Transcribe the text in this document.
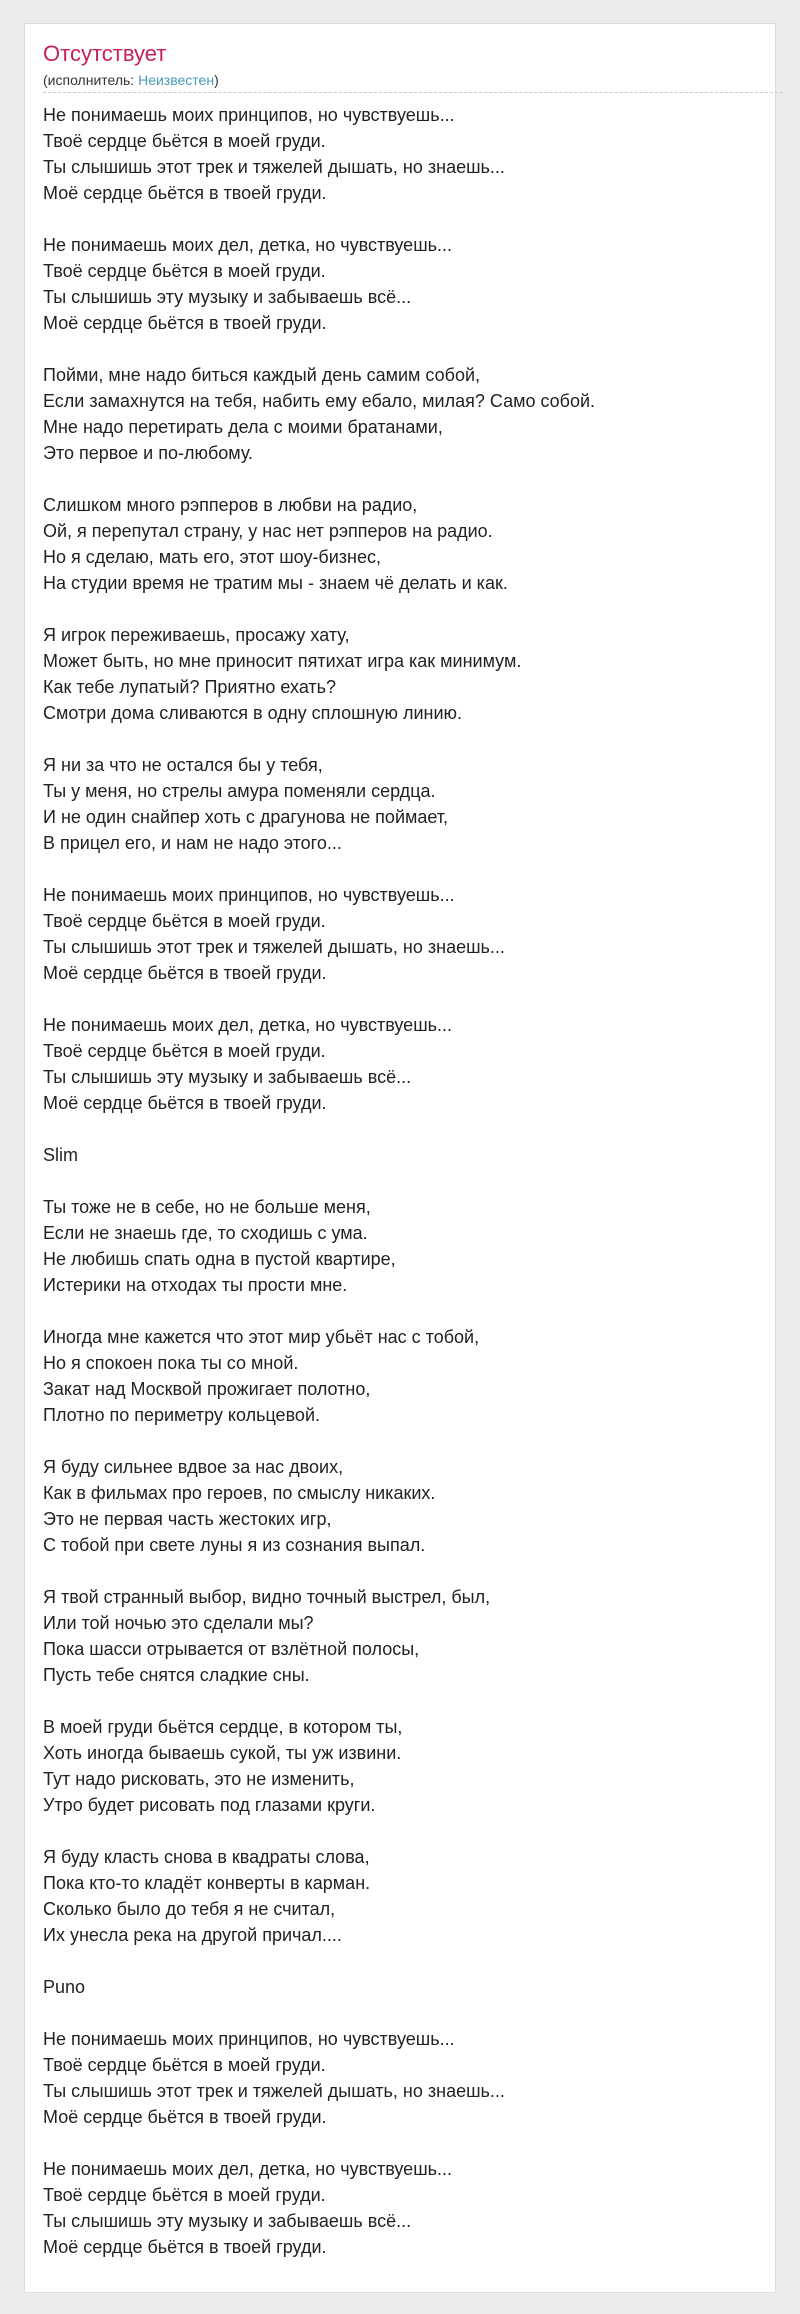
Отсутствует
(исполнитель: Неизвестен)
Не понимаешь моих принципов, но чувствуешь...
Твоё сердце бьётся в моей груди.
Ты слышишь этот трек и тяжелей дышать, но знаешь...
Моё сердце бьётся в твоей груди.
Не понимаешь моих дел, детка, но чувствуешь...
Твоё сердце бьётся в моей груди.
Ты слышишь эту музыку и забываешь всё...
Моё сердце бьётся в твоей груди.
Пойми, мне надо биться каждый день самим собой,
Если замахнутся на тебя, набить ему ебало, милая? Само собой.
Мне надо перетирать дела с моими братанами,
Это первое и по-любому.
Слишком много рэпперов в любви на радио,
Ой, я перепутал страну, у нас нет рэпперов на радио.
Но я сделаю, мать его, этот шоу-бизнес,
На студии время не тратим мы - знаем чё делать и как.
Я игрок переживаешь, просажу хату,
Может быть, но мне приносит пятихат игра как минимум.
Как тебе лупатый? Приятно ехать?
Смотри дома сливаются в одну сплошную линию.
Я ни за что не остался бы у тебя,
Ты у меня, но стрелы амура поменяли сердца.
И не один снайпер хоть с драгунова не поймает,
В прицел его, и нам не надо этого...
Не понимаешь моих принципов, но чувствуешь...
Твоё сердце бьётся в моей груди.
Ты слышишь этот трек и тяжелей дышать, но знаешь...
Моё сердце бьётся в твоей груди.
Не понимаешь моих дел, детка, но чувствуешь...
Твоё сердце бьётся в моей груди.
Ты слышишь эту музыку и забываешь всё...
Моё сердце бьётся в твоей груди.
Slim
Ты тоже не в себе, но не больше меня,
Если не знаешь где, то сходишь с ума.
Не любишь спать одна в пустой квартире,
Истерики на отходах ты прости мне.
Иногда мне кажется что этот мир убьёт нас с тобой,
Но я спокоен пока ты со мной.
Закат над Москвой прожигает полотно,
Плотно по периметру кольцевой.
Я буду сильнее вдвое за нас двоих,
Как в фильмах про героев, по смыслу никаких.
Это не первая часть жестоких игр,
С тобой при свете луны я из сознания выпал.
Я твой странный выбор, видно точный выстрел, был,
Или той ночью это сделали мы?
Пока шасси отрывается от взлётной полосы,
Пусть тебе снятся сладкие сны.
В моей груди бьётся сердце, в котором ты,
Хоть иногда бываешь сукой, ты уж извини.
Тут надо рисковать, это не изменить,
Утро будет рисовать под глазами круги.
Я буду класть снова в квадраты слова,
Пока кто-то кладёт конверты в карман.
Сколько было до тебя я не считал,
Их унесла река на другой причал....
Puno
Не понимаешь моих принципов, но чувствуешь...
Твоё сердце бьётся в моей груди.
Ты слышишь этот трек и тяжелей дышать, но знаешь...
Моё сердце бьётся в твоей груди.
Не понимаешь моих дел, детка, но чувствуешь...
Твоё сердце бьётся в моей груди.
Ты слышишь эту музыку и забываешь всё...
Моё сердце бьётся в твоей груди.
